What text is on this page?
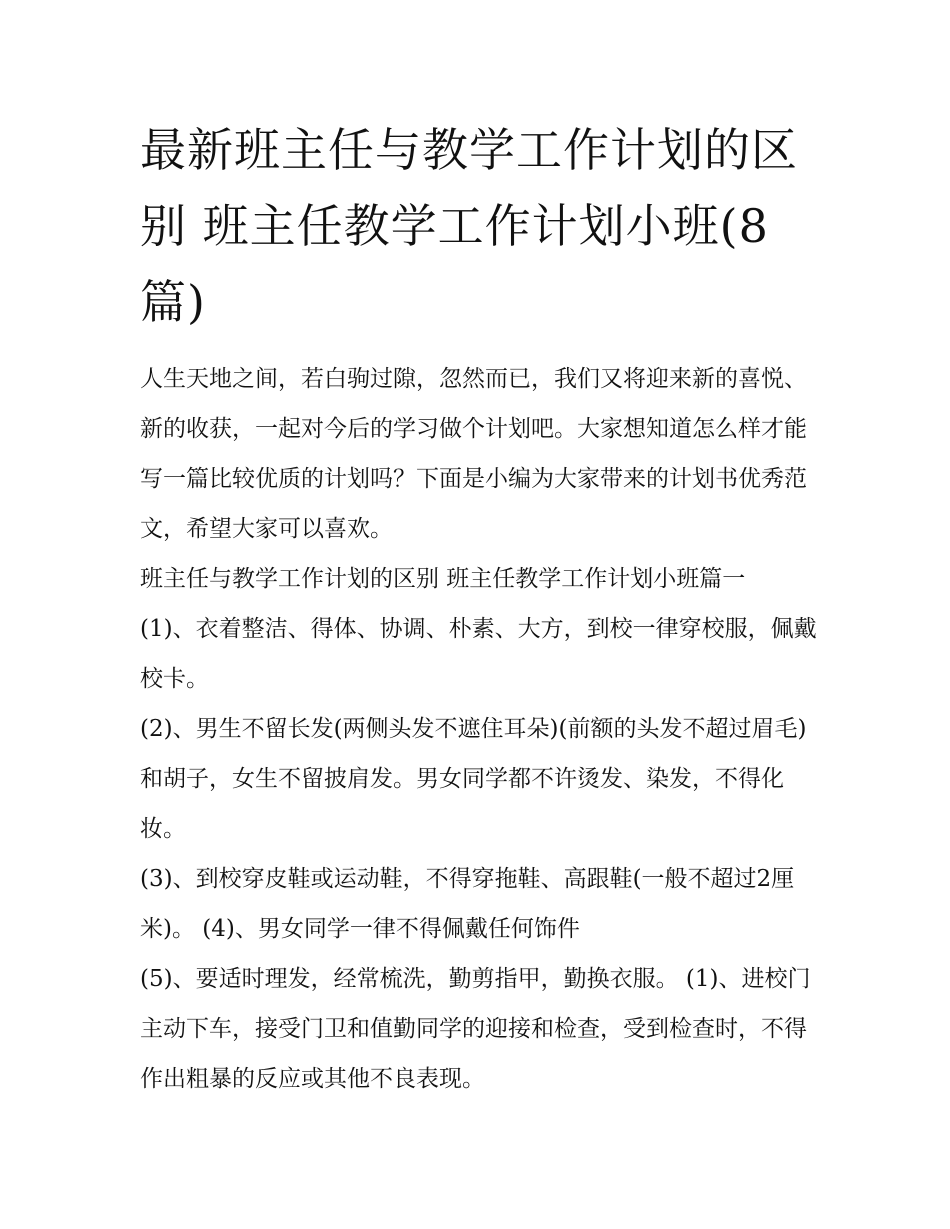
最新班主任与教学工作计划的区别 班主任教学工作计划小班(8篇)

人生天地之间，若白驹过隙，忽然而已，我们又将迎来新的喜悦、新的收获，一起对今后的学习做个计划吧。大家想知道怎么样才能写一篇比较优质的计划吗？下面是小编为大家带来的计划书优秀范文，希望大家可以喜欢。

班主任与教学工作计划的区别 班主任教学工作计划小班篇一

(1)、衣着整洁、得体、协调、朴素、大方，到校一律穿校服，佩戴校卡。

(2)、男生不留长发(两侧头发不遮住耳朵)(前额的头发不超过眉毛)和胡子，女生不留披肩发。男女同学都不许烫发、染发，不得化妆。

(3)、到校穿皮鞋或运动鞋，不得穿拖鞋、高跟鞋(一般不超过2厘米)。 (4)、男女同学一律不得佩戴任何饰件

(5)、要适时理发，经常梳洗，勤剪指甲，勤换衣服。 (1)、进校门主动下车，接受门卫和值勤同学的迎接和检查，受到检查时，不得作出粗暴的反应或其他不良表现。
